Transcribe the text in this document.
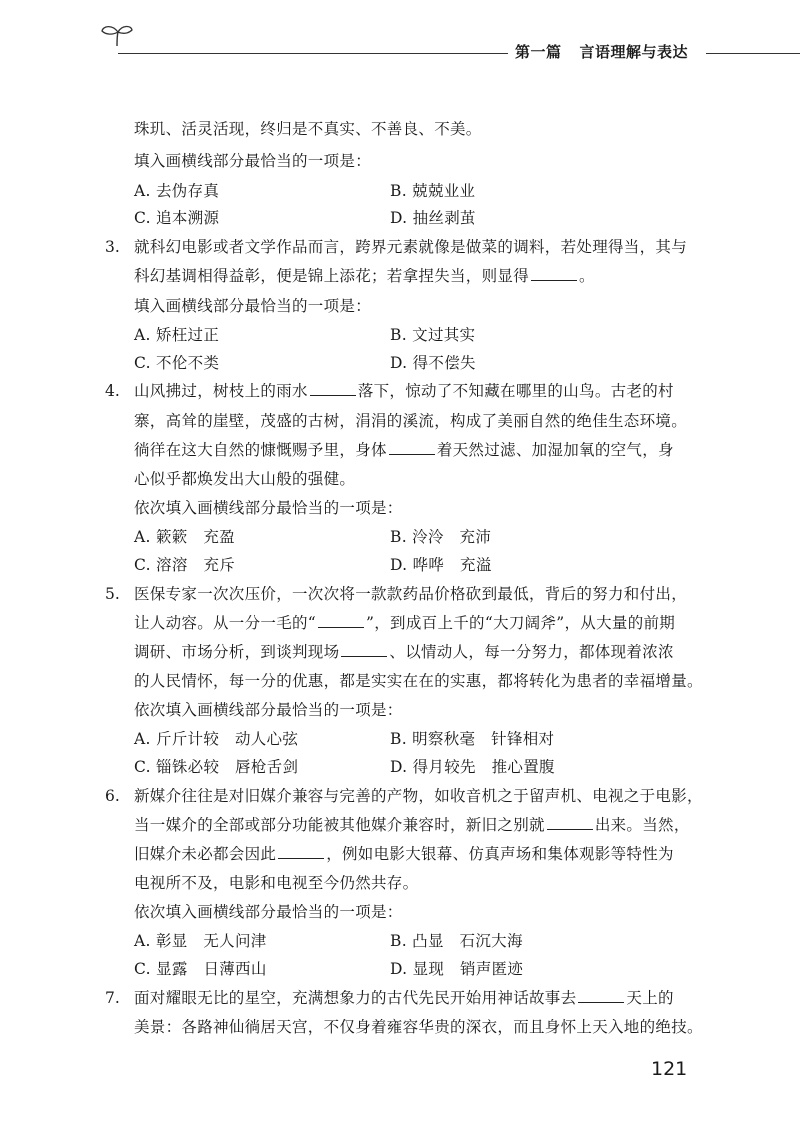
第一篇 言语理解与表达
珠玑、活灵活现，终归是不真实、不善良、不美。
填入画横线部分最恰当的一项是：
A. 去伪存真	B. 兢兢业业
C. 追本溯源	D. 抽丝剥茧
3. 就科幻电影或者文学作品而言，跨界元素就像是做菜的调料，若处理得当，其与
科幻基调相得益彰，便是锦上添花；若拿捏失当，则显得	。
填入画横线部分最恰当的一项是：
A. 矫枉过正	B. 文过其实
C. 不伦不类	D. 得不偿失
4. 山风拂过，树枝上的雨水	落下，惊动了不知藏在哪里的山鸟。古老的村
寨，高耸的崖壁，茂盛的古树，涓涓的溪流，构成了美丽自然的绝佳生态环境。
徜徉在这大自然的慷慨赐予里，身体	着天然过滤、加湿加氧的空气，身
心似乎都焕发出大山般的强健。
依次填入画横线部分最恰当的一项是：
A. 簌簌　充盈	B. 泠泠　充沛
C. 溶溶　充斥	D. 哗哗　充溢
5. 医保专家一次次压价，一次次将一款款药品价格砍到最低，背后的努力和付出，
让人动容。从一分一毛的“	”，到成百上千的“大刀阔斧”，从大量的前期
调研、市场分析，到谈判现场	、以情动人，每一分努力，都体现着浓浓
的人民情怀，每一分的优惠，都是实实在在的实惠，都将转化为患者的幸福增量。
依次填入画横线部分最恰当的一项是：
A. 斤斤计较　动人心弦	B. 明察秋毫　针锋相对
C. 锱铢必较　唇枪舌剑	D. 得月较先　推心置腹
6. 新媒介往往是对旧媒介兼容与完善的产物，如收音机之于留声机、电视之于电影，
当一媒介的全部或部分功能被其他媒介兼容时，新旧之别就	出来。当然，
旧媒介未必都会因此	，例如电影大银幕、仿真声场和集体观影等特性为
电视所不及，电影和电视至今仍然共存。
依次填入画横线部分最恰当的一项是：
A. 彰显　无人问津	B. 凸显　石沉大海
C. 显露　日薄西山	D. 显现　销声匿迹
7. 面对耀眼无比的星空，充满想象力的古代先民开始用神话故事去	天上的
美景：各路神仙徜居天宫，不仅身着雍容华贵的深衣，而且身怀上天入地的绝技。
121
